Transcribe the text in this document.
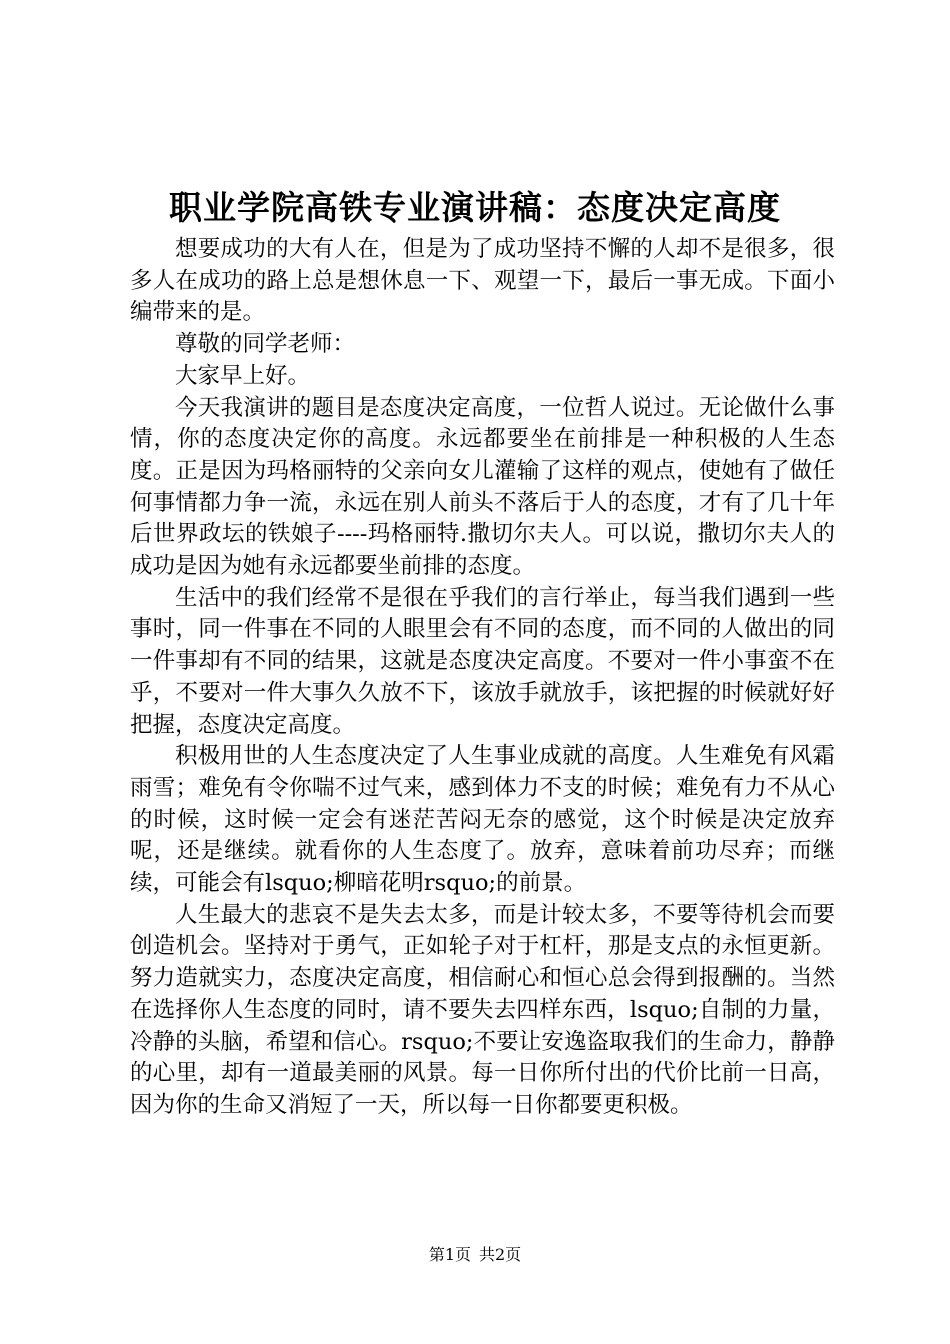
职业学院高铁专业演讲稿：态度决定高度

想要成功的大有人在，但是为了成功坚持不懈的人却不是很多，很多人在成功的路上总是想休息一下、观望一下，最后一事无成。下面小编带来的是。

尊敬的同学老师：

大家早上好。

今天我演讲的题目是态度决定高度，一位哲人说过。无论做什么事情，你的态度决定你的高度。永远都要坐在前排是一种积极的人生态度。正是因为玛格丽特的父亲向女儿灌输了这样的观点，使她有了做任何事情都力争一流，永远在别人前头不落后于人的态度，才有了几十年后世界政坛的铁娘子----玛格丽特.撒切尔夫人。可以说，撒切尔夫人的成功是因为她有永远都要坐前排的态度。

生活中的我们经常不是很在乎我们的言行举止，每当我们遇到一些事时，同一件事在不同的人眼里会有不同的态度，而不同的人做出的同一件事却有不同的结果，这就是态度决定高度。不要对一件小事蛮不在乎，不要对一件大事久久放不下，该放手就放手，该把握的时候就好好把握，态度决定高度。

积极用世的人生态度决定了人生事业成就的高度。人生难免有风霜雨雪；难免有令你喘不过气来，感到体力不支的时候；难免有力不从心的时候，这时候一定会有迷茫苦闷无奈的感觉，这个时候是决定放弃呢，还是继续。就看你的人生态度了。放弃，意味着前功尽弃；而继续，可能会有lsquo;柳暗花明rsquo;的前景。

人生最大的悲哀不是失去太多，而是计较太多，不要等待机会而要创造机会。坚持对于勇气，正如轮子对于杠杆，那是支点的永恒更新。努力造就实力，态度决定高度，相信耐心和恒心总会得到报酬的。当然在选择你人生态度的同时，请不要失去四样东西，lsquo;自制的力量，冷静的头脑，希望和信心。rsquo;不要让安逸盗取我们的生命力，静静的心里，却有一道最美丽的风景。每一日你所付出的代价比前一日高，因为你的生命又消短了一天，所以每一日你都要更积极。

第1页 共2页
